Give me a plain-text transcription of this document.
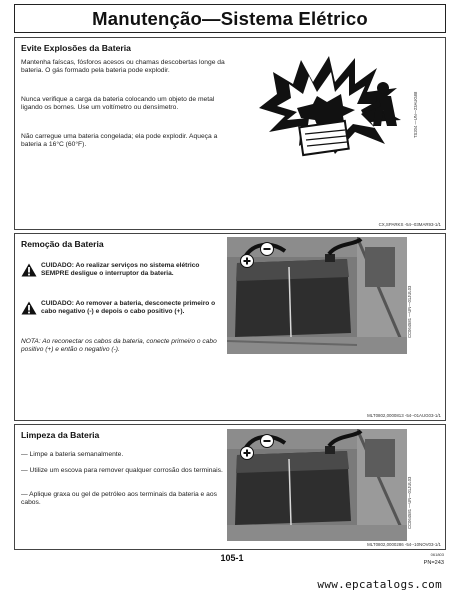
Manutenção—Sistema Elétrico
Evite Explosões da Bateria
Mantenha faíscas, fósforos acesos ou chamas descobertas longe da bateria. O gás formado pela bateria pode explodir.
Nunca verifique a carga da bateria colocando um objeto de metal ligando os bornes. Use um voltímetro ou densímetro.
Não carregue uma bateria congelada; ela pode explodir. Aqueça a bateria a 16°C (60°F).
TS204 —UN—23AUG88
CX,SPARKS -54--03MAR93-1/1
Remoção da Bateria
CUIDADO: Ao realizar serviços no sistema elétrico SEMPRE desligue o interruptor da bateria.
CUIDADO: Ao remover a bateria, desconecte primeiro o cabo negativo (-) e depois o cabo positivo (+).
NOTA: Ao reconectar os cabos da bateria, conecte primeiro o cabo positivo (+) e então o negativo (-).
CC064581 —UN—01JUL03
MLT0802,0000813 -54--01AUG03-1/1
Limpeza da Bateria
— Limpe a bateria semanalmente.
— Utilize um escova para remover qualquer corrosão dos terminais.
— Aplique graxa ou gel de petróleo aos terminais da bateria e aos cabos.	CC064581 —UN—01JUL03
MLT0802,0000286 -54--10NOV03-1/1
105-1	061803
PN=243
www.epcatalogs.com
